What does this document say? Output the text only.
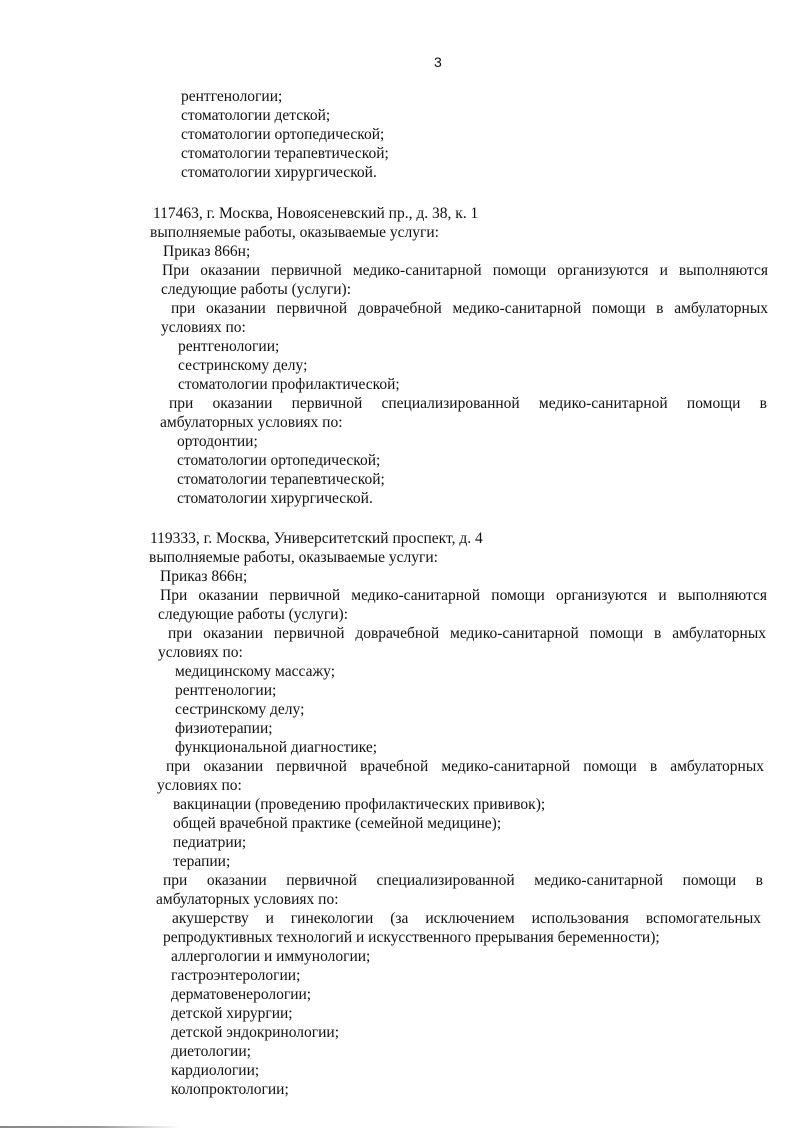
3
рентгенологии;
стоматологии детской;
стоматологии ортопедической;
стоматологии терапевтической;
стоматологии хирургической.
117463, г. Москва, Новоясеневский пр., д. 38, к. 1
выполняемые работы, оказываемые услуги:
Приказ 866н;
При оказании первичной медико-санитарной помощи организуются и выполняются
следующие работы (услуги):
при оказании первичной доврачебной медико-санитарной помощи в амбулаторных
условиях по:
рентгенологии;
сестринскому делу;
стоматологии профилактической;
при оказании первичной специализированной медико-санитарной помощи в
амбулаторных условиях по:
ортодонтии;
стоматологии ортопедической;
стоматологии терапевтической;
стоматологии хирургической.
119333, г. Москва, Университетский проспект, д. 4
выполняемые работы, оказываемые услуги:
Приказ 866н;
При оказании первичной медико-санитарной помощи организуются и выполняются
следующие работы (услуги):
при оказании первичной доврачебной медико-санитарной помощи в амбулаторных
условиях по:
медицинскому массажу;
рентгенологии;
сестринскому делу;
физиотерапии;
функциональной диагностике;
при оказании первичной врачебной медико-санитарной помощи в амбулаторных
условиях по:
вакцинации (проведению профилактических прививок);
общей врачебной практике (семейной медицине);
педиатрии;
терапии;
при оказании первичной специализированной медико-санитарной помощи в
амбулаторных условиях по:
акушерству и гинекологии (за исключением использования вспомогательных
репродуктивных технологий и искусственного прерывания беременности);
аллергологии и иммунологии;
гастроэнтерологии;
дерматовенерологии;
детской хирургии;
детской эндокринологии;
диетологии;
кардиологии;
колопроктологии;
